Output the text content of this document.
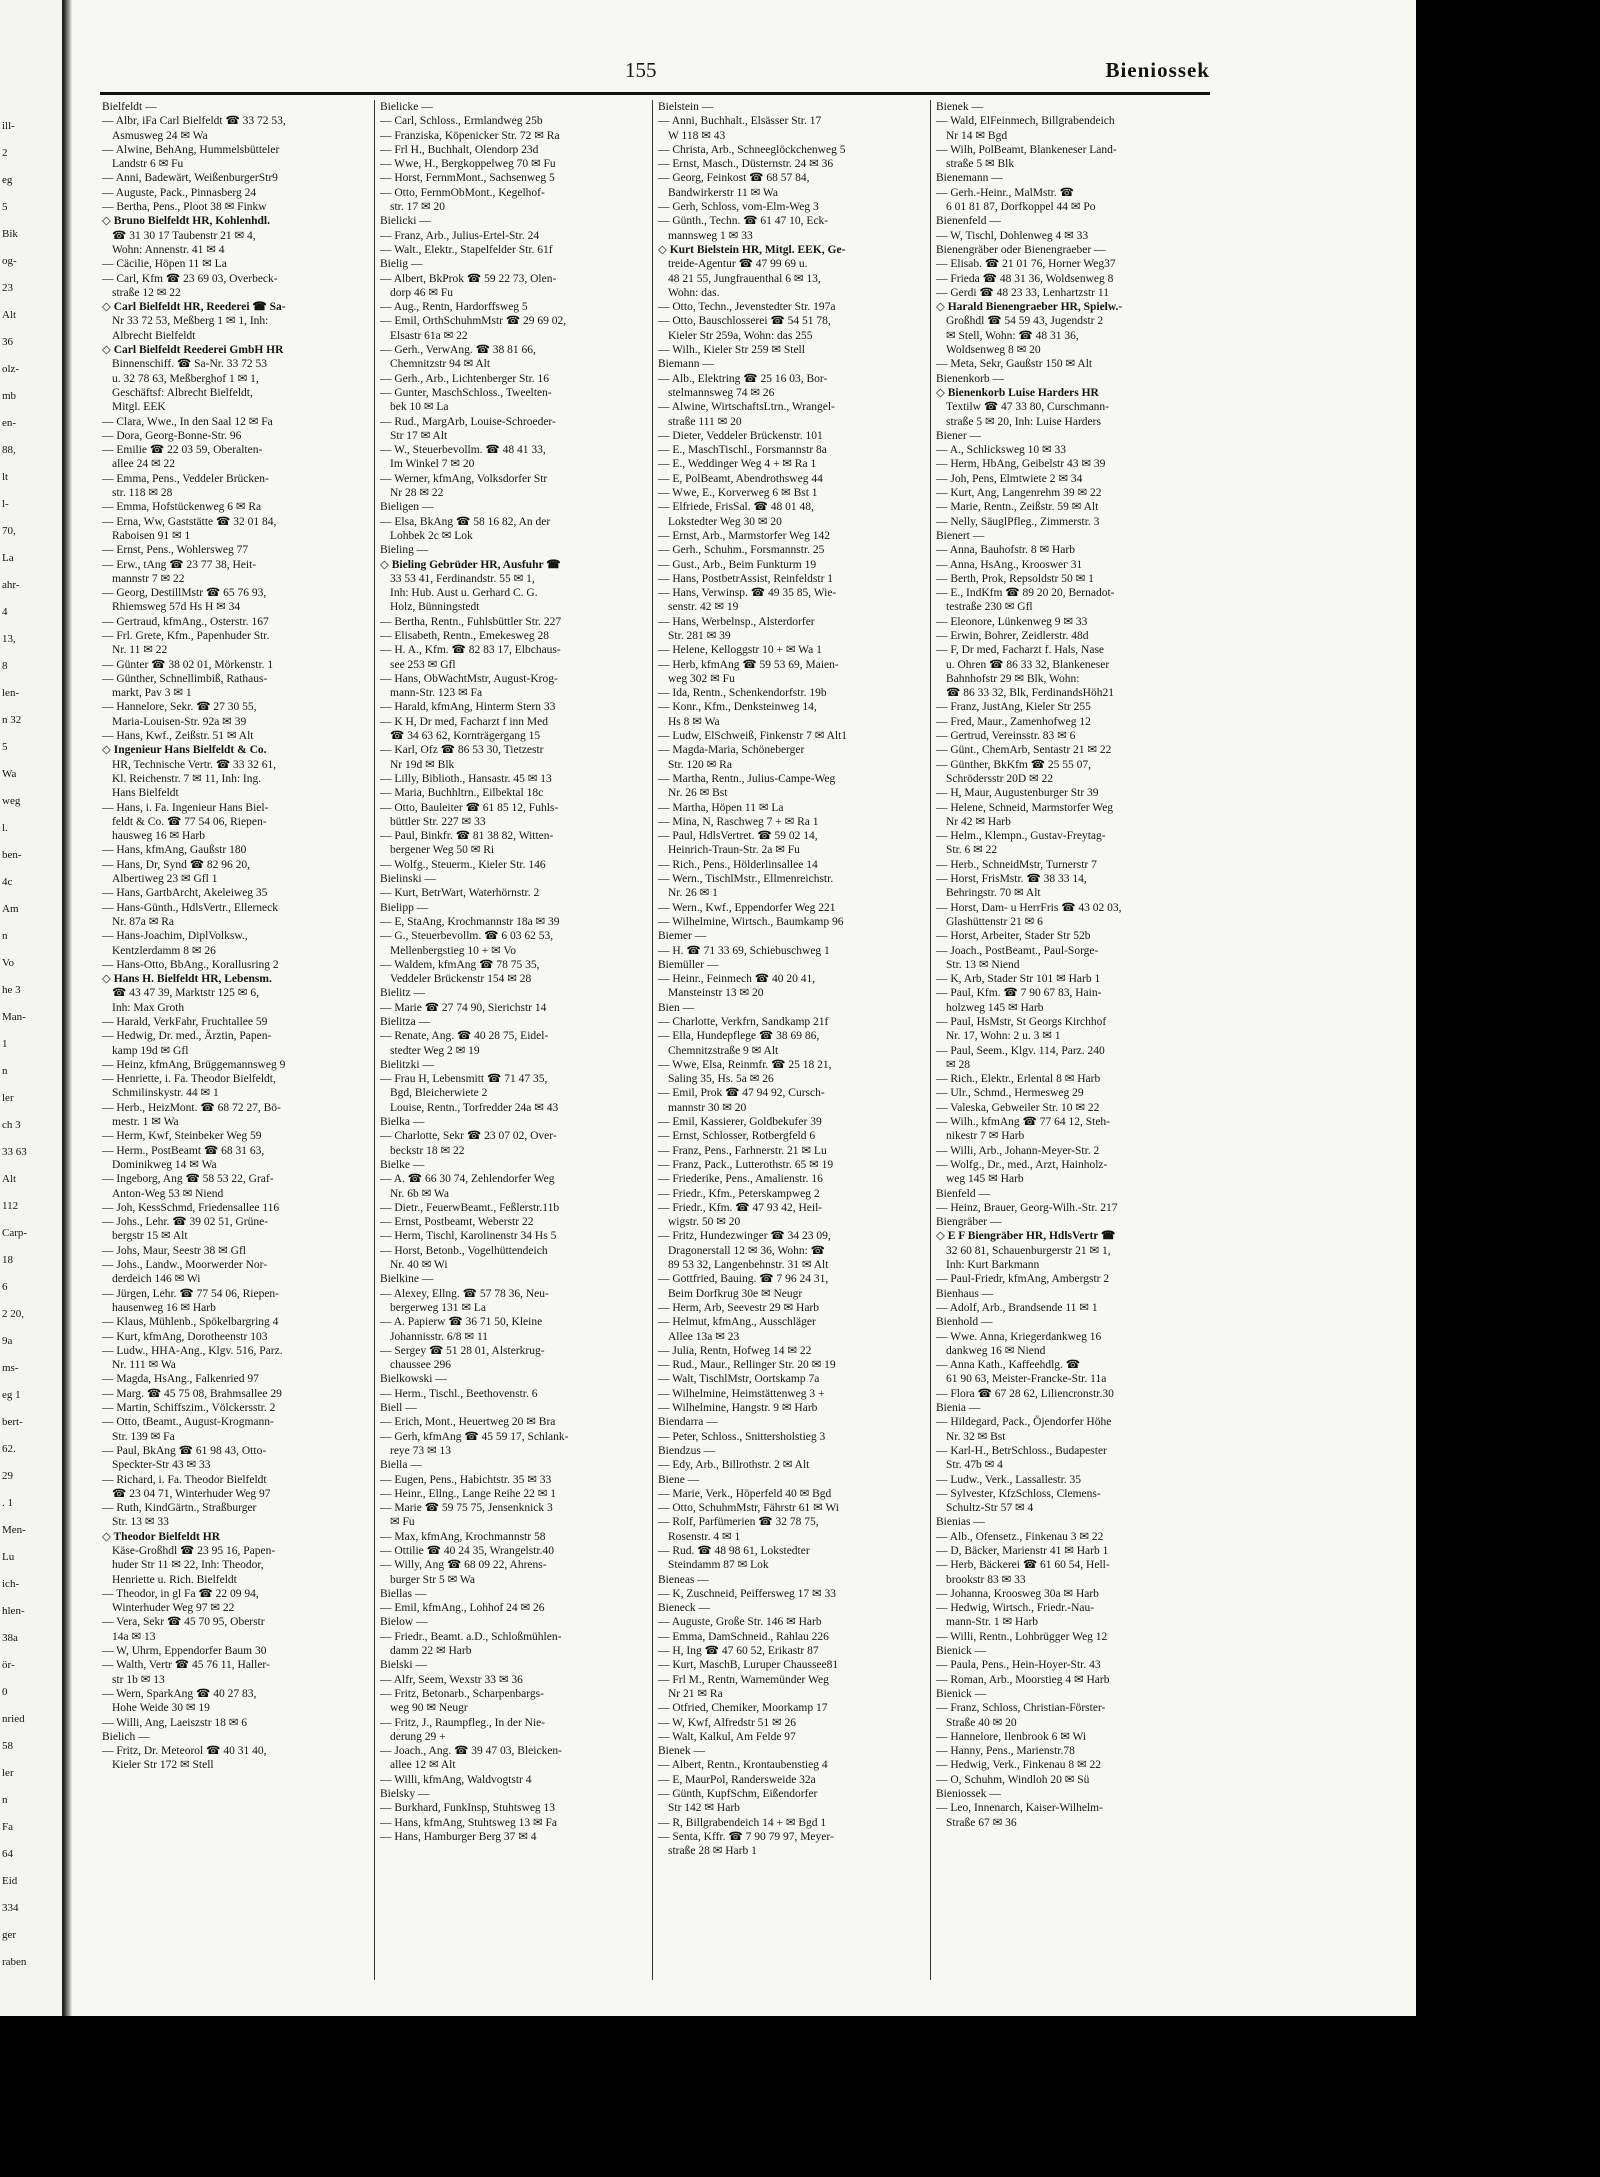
ill-
2
eg
5
Bik
og-
23
Alt
36
olz-
mb
en-
88,
lt
l-
70,
La
ahr-
4
13,
8
len-
n 32
5
Wa
weg
l.
ben-
4c
Am
n
Vo
he 3
Man-
1
n
ler
ch 3
33 63
Alt
112
Carp-
18
6
2 20,
9a
ms-
eg 1
bert-
62.
29
. 1
Men-
Lu
ich-
hlen-
38a
ör-
0
nried
58
ler
n
Fa
64
Eid
334
ger
raben
155	Bieniossek
Bielfeldt —
— Albr, iFa Carl Bielfeldt ☎ 33 72 53,
Asmusweg 24 ✉ Wa
— Alwine, BehAng, Hummelsbütteler
Landstr 6 ✉ Fu
— Anni, Badewärt, WeißenburgerStr9
— Auguste, Pack., Pinnasberg 24
— Bertha, Pens., Ploot 38 ✉ Finkw
◇ Bruno Bielfeldt HR, Kohlenhdl.
☎ 31 30 17 Taubenstr 21 ✉ 4,
Wohn: Annenstr. 41 ✉ 4
— Cäcilie, Höpen 11 ✉ La
— Carl, Kfm ☎ 23 69 03, Overbeck-
straße 12 ✉ 22
◇ Carl Bielfeldt HR, Reederei ☎ Sa-
Nr 33 72 53, Meßberg 1 ✉ 1, Inh:
Albrecht Bielfeldt
◇ Carl Bielfeldt Reederei GmbH HR
Binnenschiff. ☎ Sa-Nr. 33 72 53
u. 32 78 63, Meßberghof 1 ✉ 1,
Geschäftsf: Albrecht Bielfeldt,
Mitgl. EEK
— Clara, Wwe., In den Saal 12 ✉ Fa
— Dora, Georg-Bonne-Str. 96
— Emilie ☎ 22 03 59, Oberalten-
allee 24 ✉ 22
— Emma, Pens., Veddeler Brücken-
str. 118 ✉ 28
— Emma, Hofstückenweg 6 ✉ Ra
— Erna, Ww, Gaststätte ☎ 32 01 84,
Raboisen 91 ✉ 1
— Ernst, Pens., Wohlersweg 77
— Erw., tAng ☎ 23 77 38, Heit-
mannstr 7 ✉ 22
— Georg, DestillMstr ☎ 65 76 93,
Rhiemsweg 57d Hs H ✉ 34
— Gertraud, kfmAng., Osterstr. 167
— Frl. Grete, Kfm., Papenhuder Str.
Nr. 11 ✉ 22
— Günter ☎ 38 02 01, Mörkenstr. 1
— Günther, Schnellimbiß, Rathaus-
markt, Pav 3 ✉ 1
— Hannelore, Sekr. ☎ 27 30 55,
Maria-Louisen-Str. 92a ✉ 39
— Hans, Kwf., Zeißstr. 51 ✉ Alt
◇ Ingenieur Hans Bielfeldt & Co.
HR, Technische Vertr. ☎ 33 32 61,
Kl. Reichenstr. 7 ✉ 11, Inh: Ing.
Hans Bielfeldt
— Hans, i. Fa. Ingenieur Hans Biel-
feldt & Co. ☎ 77 54 06, Riepen-
hausweg 16 ✉ Harb
— Hans, kfmAng, Gaußstr 180
— Hans, Dr, Synd ☎ 82 96 20,
Albertiweg 23 ✉ Gfl 1
— Hans, GartbArcht, Akeleiweg 35
— Hans-Günth., HdlsVertr., Ellerneck
Nr. 87a ✉ Ra
— Hans-Joachim, DiplVolksw.,
Kentzlerdamm 8 ✉ 26
— Hans-Otto, BbAng., Korallusring 2
◇ Hans H. Bielfeldt HR, Lebensm.
☎ 43 47 39, Marktstr 125 ✉ 6,
Inh: Max Groth
— Harald, VerkFahr, Fruchtallee 59
— Hedwig, Dr. med., Ärztin, Papen-
kamp 19d ✉ Gfl
— Heinz, kfmAng, Brüggemannsweg 9
— Henriette, i. Fa. Theodor Bielfeldt,
Schmilinskystr. 44 ✉ 1
— Herb., HeizMont. ☎ 68 72 27, Bö-
mestr. 1 ✉ Wa
— Herm, Kwf, Steinbeker Weg 59
— Herm., PostBeamt ☎ 68 31 63,
Dominikweg 14 ✉ Wa
— Ingeborg, Ang ☎ 58 53 22, Graf-
Anton-Weg 53 ✉ Niend
— Joh, KessSchmd, Friedensallee 116
— Johs., Lehr. ☎ 39 02 51, Grüne-
bergstr 15 ✉ Alt
— Johs, Maur, Seestr 38 ✉ Gfl
— Johs., Landw., Moorwerder Nor-
derdeich 146 ✉ Wi
— Jürgen, Lehr. ☎ 77 54 06, Riepen-
hausenweg 16 ✉ Harb
— Klaus, Mühlenb., Spökelbargring 4
— Kurt, kfmAng, Dorotheenstr 103
— Ludw., HHA-Ang., Klgv. 516, Parz.
Nr. 111 ✉ Wa
— Magda, HsAng., Falkenried 97
— Marg. ☎ 45 75 08, Brahmsallee 29
— Martin, Schiffszim., Völckersstr. 2
— Otto, tBeamt., August-Krogmann-
Str. 139 ✉ Fa
— Paul, BkAng ☎ 61 98 43, Otto-
Speckter-Str 43 ✉ 33
— Richard, i. Fa. Theodor Bielfeldt
☎ 23 04 71, Winterhuder Weg 97
— Ruth, KindGärtn., Straßburger
Str. 13 ✉ 33
◇ Theodor Bielfeldt HR
Käse-Großhdl ☎ 23 95 16, Papen-
huder Str 11 ✉ 22, Inh: Theodor,
Henriette u. Rich. Bielfeldt
— Theodor, in gl Fa ☎ 22 09 94,
Winterhuder Weg 97 ✉ 22
— Vera, Sekr ☎ 45 70 95, Oberstr
14a ✉ 13
— W, Uhrm, Eppendorfer Baum 30
— Walth, Vertr ☎ 45 76 11, Haller-
str 1b ✉ 13
— Wern, SparkAng ☎ 40 27 83,
Hohe Weide 30 ✉ 19
— Willi, Ang, Laeiszstr 18 ✉ 6
Bielich —
— Fritz, Dr. Meteorol ☎ 40 31 40,
Kieler Str 172 ✉ Stell
Bielicke —
— Carl, Schloss., Ermlandweg 25b
— Franziska, Köpenicker Str. 72 ✉ Ra
— Frl H., Buchhalt, Olendorp 23d
— Wwe, H., Bergkoppelweg 70 ✉ Fu
— Horst, FernmMont., Sachsenweg 5
— Otto, FernmObMont., Kegelhof-
str. 17 ✉ 20
Bielicki —
— Franz, Arb., Julius-Ertel-Str. 24
— Walt., Elektr., Stapelfelder Str. 61f
Bielig —
— Albert, BkProk ☎ 59 22 73, Olen-
dorp 46 ✉ Fu
— Aug., Rentn, Hardorffsweg 5
— Emil, OrthSchuhmMstr ☎ 29 69 02,
Elsastr 61a ✉ 22
— Gerh., VerwAng. ☎ 38 81 66,
Chemnitzstr 94 ✉ Alt
— Gerh., Arb., Lichtenberger Str. 16
— Gunter, MaschSchloss., Tweelten-
bek 10 ✉ La
— Rud., MargArb, Louise-Schroeder-
Str 17 ✉ Alt
— W., Steuerbevollm. ☎ 48 41 33,
Im Winkel 7 ✉ 20
— Werner, kfmAng, Volksdorfer Str
Nr 28 ✉ 22
Bieligen —
— Elsa, BkAng ☎ 58 16 82, An der
Lohbek 2c ✉ Lok
Bieling —
◇ Bieling Gebrüder HR, Ausfuhr ☎
33 53 41, Ferdinandstr. 55 ✉ 1,
Inh: Hub. Aust u. Gerhard C. G.
Holz, Bünningstedt
— Bertha, Rentn., Fuhlsbüttler Str. 227
— Elisabeth, Rentn., Emekesweg 28
— H. A., Kfm. ☎ 82 83 17, Elbchaus-
see 253 ✉ Gfl
— Hans, ObWachtMstr, August-Krog-
mann-Str. 123 ✉ Fa
— Harald, kfmAng, Hinterm Stern 33
— K H, Dr med, Facharzt f inn Med
☎ 34 63 62, Kornträgergang 15
— Karl, Ofz ☎ 86 53 30, Tietzestr
Nr 19d ✉ Blk
— Lilly, Biblioth., Hansastr. 45 ✉ 13
— Maria, Buchhltrn., Eilbektal 18c
— Otto, Bauleiter ☎ 61 85 12, Fuhls-
büttler Str. 227 ✉ 33
— Paul, Binkfr. ☎ 81 38 82, Witten-
bergener Weg 50 ✉ Ri
— Wolfg., Steuerm., Kieler Str. 146
Bielinski —
— Kurt, BetrWart, Waterhörnstr. 2
Bielipp —
— E, StaAng, Krochmannstr 18a ✉ 39
— G., Steuerbevollm. ☎ 6 03 62 53,
Mellenbergstieg 10 + ✉ Vo
— Waldem, kfmAng ☎ 78 75 35,
Veddeler Brückenstr 154 ✉ 28
Bielitz —
— Marie ☎ 27 74 90, Sierichstr 14
Bielitza —
— Renate, Ang. ☎ 40 28 75, Eidel-
stedter Weg 2 ✉ 19
Bielitzki —
— Frau H, Lebensmitt ☎ 71 47 35,
Bgd, Bleicherwiete 2
Louise, Rentn., Torfredder 24a ✉ 43
Bielka —
— Charlotte, Sekr ☎ 23 07 02, Over-
beckstr 18 ✉ 22
Bielke —
— A. ☎ 66 30 74, Zehlendorfer Weg
Nr. 6b ✉ Wa
— Dietr., FeuerwBeamt., Feßlerstr.11b
— Ernst, Postbeamt, Weberstr 22
— Herm, Tischl, Karolinenstr 34 Hs 5
— Horst, Betonb., Vogelhüttendeich
Nr. 40 ✉ Wi
Bielkine —
— Alexey, Ellng. ☎ 57 78 36, Neu-
bergerweg 131 ✉ La
— A. Papierw ☎ 36 71 50, Kleine
Johannisstr. 6/8 ✉ 11
— Sergey ☎ 51 28 01, Alsterkrug-
chaussee 296
Bielkowski —
— Herm., Tischl., Beethovenstr. 6
Biell —
— Erich, Mont., Heuertweg 20 ✉ Bra
— Gerh, kfmAng ☎ 45 59 17, Schlank-
reye 73 ✉ 13
Biella —
— Eugen, Pens., Habichtstr. 35 ✉ 33
— Heinr., Ellng., Lange Reihe 22 ✉ 1
— Marie ☎ 59 75 75, Jensenknick 3
✉ Fu
— Max, kfmAng, Krochmannstr 58
— Ottilie ☎ 40 24 35, Wrangelstr.40
— Willy, Ang ☎ 68 09 22, Ahrens-
burger Str 5 ✉ Wa
Biellas —
— Emil, kfmAng., Lohhof 24 ✉ 26
Bielow —
— Friedr., Beamt. a.D., Schloßmühlen-
damm 22 ✉ Harb
Bielski —
— Alfr, Seem, Wexstr 33 ✉ 36
— Fritz, Betonarb., Scharpenbargs-
weg 90 ✉ Neugr
— Fritz, J., Raumpfleg., In der Nie-
derung 29 +
— Joach., Ang. ☎ 39 47 03, Bleicken-
allee 12 ✉ Alt
— Willi, kfmAng, Waldvogtstr 4
Bielsky —
— Burkhard, FunkInsp, Stuhtsweg 13
— Hans, kfmAng, Stuhtsweg 13 ✉ Fa
— Hans, Hamburger Berg 37 ✉ 4
Bielstein —
— Anni, Buchhalt., Elsässer Str. 17
W 118 ✉ 43
— Christa, Arb., Schneeglöckchenweg 5
— Ernst, Masch., Düsternstr. 24 ✉ 36
— Georg, Feinkost ☎ 68 57 84,
Bandwirkerstr 11 ✉ Wa
— Gerh, Schloss, vom-Elm-Weg 3
— Günth., Techn. ☎ 61 47 10, Eck-
mannsweg 1 ✉ 33
◇ Kurt Bielstein HR, Mitgl. EEK, Ge-
treide-Agentur ☎ 47 99 69 u.
48 21 55, Jungfrauenthal 6 ✉ 13,
Wohn: das.
— Otto, Techn., Jevenstedter Str. 197a
— Otto, Bauschlosserei ☎ 54 51 78,
Kieler Str 259a, Wohn: das 255
— Wilh., Kieler Str 259 ✉ Stell
Biemann —
— Alb., Elektring ☎ 25 16 03, Bor-
stelmannsweg 74 ✉ 26
— Alwine, WirtschaftsLtrn., Wrangel-
straße 111 ✉ 20
— Dieter, Veddeler Brückenstr. 101
— E., MaschTischl., Forsmannstr 8a
— E., Weddinger Weg 4 + ✉ Ra 1
— E, PolBeamt, Abendrothsweg 44
— Wwe, E., Korverweg 6 ✉ Bst 1
— Elfriede, FrisSal. ☎ 48 01 48,
Lokstedter Weg 30 ✉ 20
— Ernst, Arb., Marmstorfer Weg 142
— Gerh., Schuhm., Forsmannstr. 25
— Gust., Arb., Beim Funkturm 19
— Hans, PostbetrAssist, Reinfeldstr 1
— Hans, Verwinsp. ☎ 49 35 85, Wie-
senstr. 42 ✉ 19
— Hans, Werbelnsp., Alsterdorfer
Str. 281 ✉ 39
— Helene, Kelloggstr 10 + ✉ Wa 1
— Herb, kfmAng ☎ 59 53 69, Maien-
weg 302 ✉ Fu
— Ida, Rentn., Schenkendorfstr. 19b
— Konr., Kfm., Denksteinweg 14,
Hs 8 ✉ Wa
— Ludw, ElSchweiß, Finkenstr 7 ✉ Alt1
— Magda-Maria, Schöneberger
Str. 120 ✉ Ra
— Martha, Rentn., Julius-Campe-Weg
Nr. 26 ✉ Bst
— Martha, Höpen 11 ✉ La
— Mina, N, Raschweg 7 + ✉ Ra 1
— Paul, HdlsVertret. ☎ 59 02 14,
Heinrich-Traun-Str. 2a ✉ Fu
— Rich., Pens., Hölderlinsallee 14
— Wern., TischlMstr., Ellmenreichstr.
Nr. 26 ✉ 1
— Wern., Kwf., Eppendorfer Weg 221
— Wilhelmine, Wirtsch., Baumkamp 96
Biemer —
— H. ☎ 71 33 69, Schiebuschweg 1
Biemüller —
— Heinr., Feinmech ☎ 40 20 41,
Mansteinstr 13 ✉ 20
Bien —
— Charlotte, Verkfrn, Sandkamp 21f
— Ella, Hundepflege ☎ 38 69 86,
Chemnitzstraße 9 ✉ Alt
— Wwe, Elsa, Reinmfr. ☎ 25 18 21,
Saling 35, Hs. 5a ✉ 26
— Emil, Prok ☎ 47 94 92, Cursch-
mannstr 30 ✉ 20
— Emil, Kassierer, Goldbekufer 39
— Ernst, Schlosser, Rotbergfeld 6
— Franz, Pens., Farhnerstr. 21 ✉ Lu
— Franz, Pack., Lutterothstr. 65 ✉ 19
— Friederike, Pens., Amalienstr. 16
— Friedr., Kfm., Peterskampweg 2
— Friedr., Kfm. ☎ 47 93 42, Heil-
wigstr. 50 ✉ 20
— Fritz, Hundezwinger ☎ 34 23 09,
Dragonerstall 12 ✉ 36, Wohn: ☎
89 53 32, Langenbehnstr. 31 ✉ Alt
— Gottfried, Bauing. ☎ 7 96 24 31,
Beim Dorfkrug 30e ✉ Neugr
— Herm, Arb, Seevestr 29 ✉ Harb
— Helmut, kfmAng., Ausschläger
Allee 13a ✉ 23
— Julia, Rentn, Hofweg 14 ✉ 22
— Rud., Maur., Rellinger Str. 20 ✉ 19
— Walt, TischlMstr, Oortskamp 7a
— Wilhelmine, Heimstättenweg 3 +
— Wilhelmine, Hangstr. 9 ✉ Harb
Biendarra —
— Peter, Schloss., Snittersholstieg 3
Biendzus —
— Edy, Arb., Billrothstr. 2 ✉ Alt
Biene —
— Marie, Verk., Höperfeld 40 ✉ Bgd
— Otto, SchuhmMstr, Fährstr 61 ✉ Wi
— Rolf, Parfümerien ☎ 32 78 75,
Rosenstr. 4 ✉ 1
— Rud. ☎ 48 98 61, Lokstedter
Steindamm 87 ✉ Lok
Bieneas —
— K, Zuschneid, Peiffersweg 17 ✉ 33
Bieneck —
— Auguste, Große Str. 146 ✉ Harb
— Emma, DamSchneid., Rahlau 226
— H, Ing ☎ 47 60 52, Erikastr 87
— Kurt, MaschB, Luruper Chaussee81
— Frl M., Rentn, Warnemünder Weg
Nr 21 ✉ Ra
— Otfried, Chemiker, Moorkamp 17
— W, Kwf, Alfredstr 51 ✉ 26
— Walt, Kalkul, Am Felde 97
Bienek —
— Albert, Rentn., Krontaubenstieg 4
— E, MaurPol, Randersweide 32a
— Günth, KupfSchm, Eißendorfer
Str 142 ✉ Harb
— R, Billgrabendeich 14 + ✉ Bgd 1
— Senta, Kffr. ☎ 7 90 79 97, Meyer-
straße 28 ✉ Harb 1
Bienek —
— Wald, ElFeinmech, Billgrabendeich
Nr 14 ✉ Bgd
— Wilh, PolBeamt, Blankeneser Land-
straße 5 ✉ Blk
Bienemann —
— Gerh.-Heinr., MalMstr. ☎
6 01 81 87, Dorfkoppel 44 ✉ Po
Bienenfeld —
— W, Tischl, Dohlenweg 4 ✉ 33
Bienengräber oder Bienengraeber —
— Elisab. ☎ 21 01 76, Horner Weg37
— Frieda ☎ 48 31 36, Woldsenweg 8
— Gerdi ☎ 48 23 33, Lenhartzstr 11
◇ Harald Bienengraeber HR, Spielw.-
Großhdl ☎ 54 59 43, Jugendstr 2
✉ Stell, Wohn: ☎ 48 31 36,
Woldsenweg 8 ✉ 20
— Meta, Sekr, Gaußstr 150 ✉ Alt
Bienenkorb —
◇ Bienenkorb Luise Harders HR
Textilw ☎ 47 33 80, Curschmann-
straße 5 ✉ 20, Inh: Luise Harders
Biener —
— A., Schlicksweg 10 ✉ 33
— Herm, HbAng, Geibelstr 43 ✉ 39
— Joh, Pens, Elmtwiete 2 ✉ 34
— Kurt, Ang, Langenrehm 39 ✉ 22
— Marie, Rentn., Zeißstr. 59 ✉ Alt
— Nelly, SäuglPfleg., Zimmerstr. 3
Bienert —
— Anna, Bauhofstr. 8 ✉ Harb
— Anna, HsAng., Krooswег 31
— Berth, Prok, Repsoldstr 50 ✉ 1
— E., IndKfm ☎ 89 20 20, Bernadot-
testraße 230 ✉ Gfl
— Eleonore, Lünkenweg 9 ✉ 33
— Erwin, Bohrer, Zeidlerstr. 48d
— F, Dr med, Facharzt f. Hals, Nase
u. Ohren ☎ 86 33 32, Blankeneser
Bahnhofstr 29 ✉ Blk, Wohn:
☎ 86 33 32, Blk, FerdinandsHöh21
— Franz, JustAng, Kieler Str 255
— Fred, Maur., Zamenhofweg 12
— Gertrud, Vereinsstr. 83 ✉ 6
— Günt., ChemArb, Sentastr 21 ✉ 22
— Günther, BkKfm ☎ 25 55 07,
Schrödersstr 20D ✉ 22
— H, Maur, Augustenburger Str 39
— Helene, Schneid, Marmstorfer Weg
Nr 42 ✉ Harb
— Helm., Klempn., Gustav-Freytag-
Str. 6 ✉ 22
— Herb., SchneidMstr, Turnerstr 7
— Horst, FrisMstr. ☎ 38 33 14,
Behringstr. 70 ✉ Alt
— Horst, Dam- u HerrFris ☎ 43 02 03,
Glashüttenstr 21 ✉ 6
— Horst, Arbeiter, Stader Str 52b
— Joach., PostBeamt., Paul-Sorge-
Str. 13 ✉ Niend
— K, Arb, Stader Str 101 ✉ Harb 1
— Paul, Kfm. ☎ 7 90 67 83, Hain-
holzweg 145 ✉ Harb
— Paul, HsMstr, St Georgs Kirchhof
Nr. 17, Wohn: 2 u. 3 ✉ 1
— Paul, Seem., Klgv. 114, Parz. 240
✉ 28
— Rich., Elektr., Erlental 8 ✉ Harb
— Ulr., Schmd., Hermesweg 29
— Valeska, Gebweiler Str. 10 ✉ 22
— Wilh., kfmAng ☎ 77 64 12, Steh-
nikestr 7 ✉ Harb
— Willi, Arb., Johann-Meyer-Str. 2
— Wolfg., Dr., med., Arzt, Hainholz-
weg 145 ✉ Harb
Bienfeld —
— Heinz, Brauer, Georg-Wilh.-Str. 217
Biengräber —
◇ E F Biengräber HR, HdlsVertr ☎
32 60 81, Schauenburgerstr 21 ✉ 1,
Inh: Kurt Barkmann
— Paul-Friedr, kfmAng, Ambergstr 2
Bienhaus —
— Adolf, Arb., Brandsende 11 ✉ 1
Bienhold —
— Wwe. Anna, Kriegerdankweg 16
dankweg 16 ✉ Niend
— Anna Kath., Kaffeehdlg. ☎
61 90 63, Meister-Francke-Str. 11a
— Flora ☎ 67 28 62, Liliencronstr.30
Bienia —
— Hildegard, Pack., Öjendorfer Höhe
Nr. 32 ✉ Bst
— Karl-H., BetrSchloss., Budapester
Str. 47b ✉ 4
— Ludw., Verk., Lassallestr. 35
— Sylvester, KfzSchloss, Clemens-
Schultz-Str 57 ✉ 4
Bienias —
— Alb., Ofensetz., Finkenau 3 ✉ 22
— D, Bäcker, Marienstr 41 ✉ Harb 1
— Herb, Bäckerei ☎ 61 60 54, Hell-
brookstr 83 ✉ 33
— Johanna, Krooswеg 30a ✉ Harb
— Hedwig, Wirtsch., Friedr.-Nau-
mann-Str. 1 ✉ Harb
— Willi, Rentn., Lohbrügger Weg 12
Bienick —
— Paula, Pens., Hein-Hoyer-Str. 43
— Roman, Arb., Moorstieg 4 ✉ Harb
Bienick —
— Franz, Schloss, Christian-Förster-
Straße 40 ✉ 20
— Hannelore, Ilenbrook 6 ✉ Wi
— Hanny, Pens., Marienstr.78
— Hedwig, Verk., Finkenau 8 ✉ 22
— O, Schuhm, Windloh 20 ✉ Sü
Bieniossek —
— Leo, Innenarch, Kaiser-Wilhelm-
Straße 67 ✉ 36
